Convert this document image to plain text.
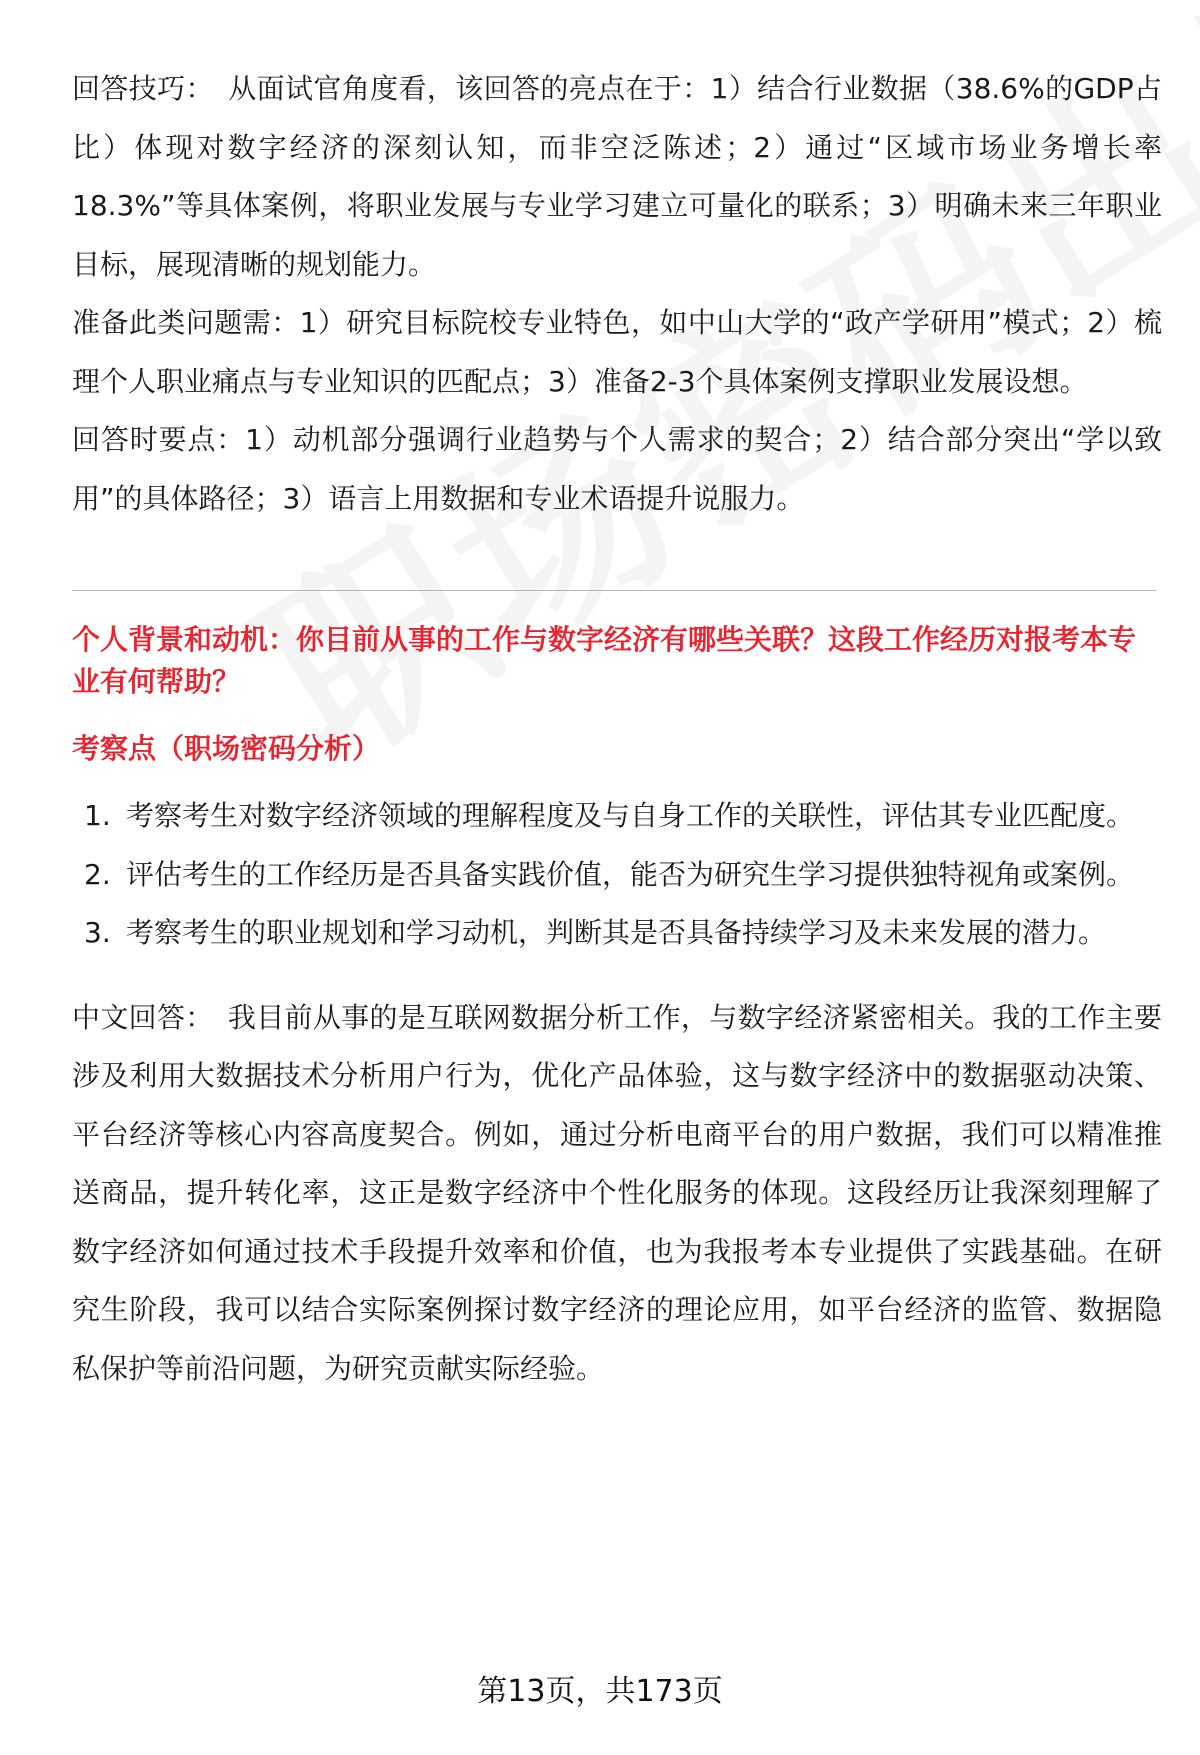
回答技巧： 从面试官角度看，该回答的亮点在于：1）结合行业数据（38.6%的GDP占比）体现对数字经济的深刻认知，而非空泛陈述；2）通过“区域市场业务增长率18.3%”等具体案例，将职业发展与专业学习建立可量化的联系；3）明确未来三年职业目标，展现清晰的规划能力。

准备此类问题需：1）研究目标院校专业特色，如中山大学的“政产学研用”模式；2）梳理个人职业痛点与专业知识的匹配点；3）准备2-3个具体案例支撑职业发展设想。

回答时要点：1）动机部分强调行业趋势与个人需求的契合；2）结合部分突出“学以致用”的具体路径；3）语言上用数据和专业术语提升说服力。

个人背景和动机：你目前从事的工作与数字经济有哪些关联？这段工作经历对报考本专业有何帮助？

考察点（职场密码分析）

1. 考察考生对数字经济领域的理解程度及与自身工作的关联性，评估其专业匹配度。
2. 评估考生的工作经历是否具备实践价值，能否为研究生学习提供独特视角或案例。
3. 考察考生的职业规划和学习动机，判断其是否具备持续学习及未来发展的潜力。

中文回答： 我目前从事的是互联网数据分析工作，与数字经济紧密相关。我的工作主要涉及利用大数据技术分析用户行为，优化产品体验，这与数字经济中的数据驱动决策、平台经济等核心内容高度契合。例如，通过分析电商平台的用户数据，我们可以精准推送商品，提升转化率，这正是数字经济中个性化服务的体现。这段经历让我深刻理解了数字经济如何通过技术手段提升效率和价值，也为我报考本专业提供了实践基础。在研究生阶段，我可以结合实际案例探讨数字经济的理论应用，如平台经济的监管、数据隐私保护等前沿问题，为研究贡献实际经验。

第13页，共173页
